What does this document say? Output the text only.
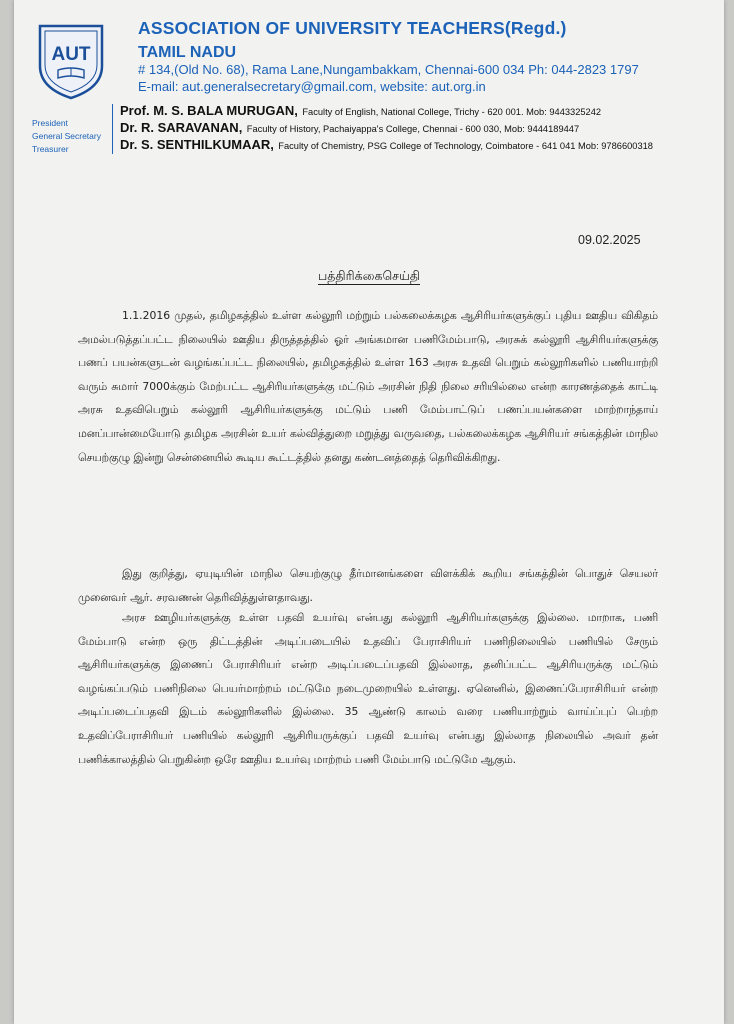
AUT
ASSOCIATION OF UNIVERSITY TEACHERS(Regd.)
TAMIL NADU
# 134,(Old No. 68), Rama Lane,Nungambakkam, Chennai-600 034 Ph: 044-2823 1797
E-mail: aut.generalsecretary@gmail.com, website: aut.org.in
President
General Secretary
Treasurer
Prof. M. S. BALA MURUGAN, Faculty of English, National College, Trichy - 620 001. Mob: 9443325242
Dr. R. SARAVANAN, Faculty of History, Pachaiyappa's College, Chennai - 600 030, Mob: 9444189447
Dr. S. SENTHILKUMAAR, Faculty of Chemistry, PSG College of Technology, Coimbatore - 641 041 Mob: 9786600318
09.02.2025
பத்திரிக்கைசெய்தி

1.1.2016 முதல், தமிழகத்தில் உள்ள கல்லூரி மற்றும் பல்கலைக்கழக ஆசிரியர்களுக்குப் புதிய ஊதிய விகிதம் அமல்படுத்தப்பட்ட நிலையில் ஊதிய திருத்தத்தில் ஓர் அங்கமான பணிமேம்பாடு, அரசுக் கல்லூரி ஆசிரியர்களுக்கு பணப் பயன்களுடன் வழங்கப்பட்ட நிலையில், தமிழகத்தில் உள்ள 163 அரசு உதவி பெறும் கல்லூரிகளில் பணியாற்றி வரும் சுமார் 7000க்கும் மேற்பட்ட ஆசிரியர்களுக்கு மட்டும் அரசின் நிதி நிலை சரியில்லை என்ற காரணத்தைக் காட்டி அரசு உதவிபெறும் கல்லூரி ஆசிரியர்களுக்கு மட்டும் பணி மேம்பாட்டுப் பணப்பயன்களை மாற்றாந்தாய் மனப்பான்மையோடு தமிழக அரசின் உயர் கல்வித்துறை மறுத்து வருவதை, பல்கலைக்கழக ஆசிரியர் சங்கத்தின் மாநில செயற்குழு இன்று சென்னையில் கூடிய கூட்டத்தில் தனது கண்டனத்தைத் தெரிவிக்கிறது.

இது குறித்து, ஏயுடியின் மாநில செயற்குழு தீர்மானங்களை விளக்கிக் கூறிய சங்கத்தின் பொதுச் செயலர் முனைவர் ஆர். சரவணன் தெரிவித்துள்ளதாவது.

அரச ஊழியர்களுக்கு உள்ள பதவி உயர்வு என்பது கல்லூரி ஆசிரியர்களுக்கு இல்லை. மாறாக, பணி மேம்பாடு என்ற ஒரு திட்டத்தின் அடிப்படையில் உதவிப் பேராசிரியர் பணிநிலையில் பணியில் சேரும் ஆசிரியர்களுக்கு இணைப் பேராசிரியர் என்ற அடிப்படைப்பதவி இல்லாத, தனிப்பட்ட ஆசிரியருக்கு மட்டும் வழங்கப்படும் பணிநிலை பெயர்மாற்றம் மட்டுமே நடைமுறையில் உள்ளது. ஏனெனில், இணைப்பேராசிரியர் என்ற அடிப்படைப்பதவி இடம் கல்லூரிகளில் இல்லை. 35 ஆண்டு காலம் வரை பணியாற்றும் வாய்ப்புப் பெற்ற உதவிப்பேராசிரியர் பணியில் கல்லூரி ஆசிரியருக்குப் பதவி உயர்வு என்பது இல்லாத நிலையில் அவர் தன் பணிக்காலத்தில் பெறுகின்ற ஒரே ஊதிய உயர்வு மாற்றம் பணி மேம்பாடு மட்டுமே ஆகும்.
